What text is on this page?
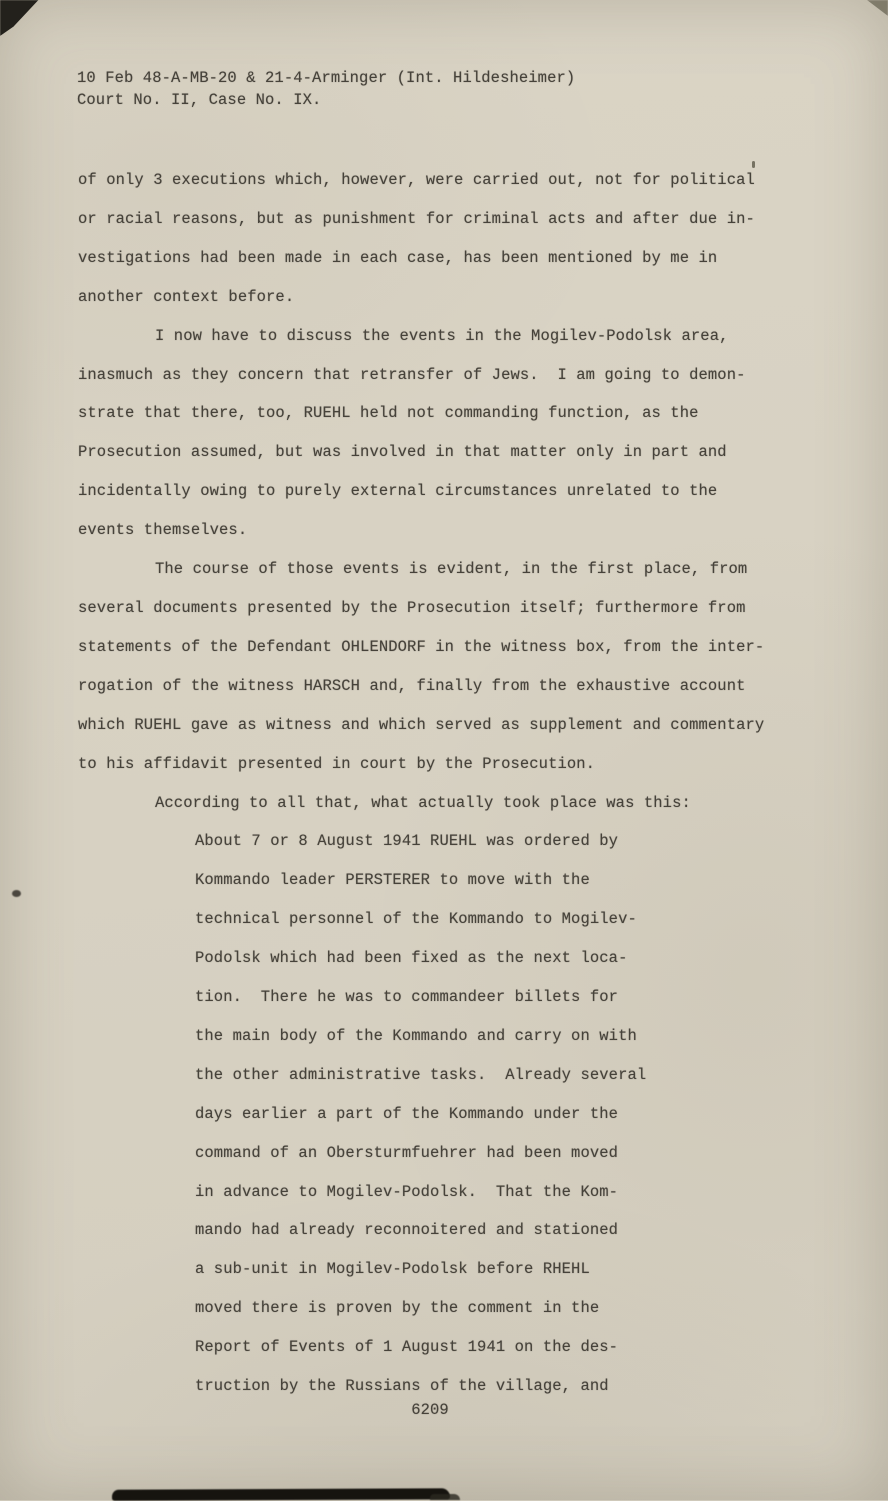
10 Feb 48-A-MB-20 & 21-4-Arminger (Int. Hildesheimer)
Court No. II, Case No. IX.
of only 3 executions which, however, were carried out, not for political
or racial reasons, but as punishment for criminal acts and after due in-
vestigations had been made in each case, has been mentioned by me in
another context before.
I now have to discuss the events in the Mogilev-Podolsk area,
inasmuch as they concern that retransfer of Jews.  I am going to demon-
strate that there, too, RUEHL held not commanding function, as the
Prosecution assumed, but was involved in that matter only in part and
incidentally owing to purely external circumstances unrelated to the
events themselves.
The course of those events is evident, in the first place, from
several documents presented by the Prosecution itself; furthermore from
statements of the Defendant OHLENDORF in the witness box, from the inter-
rogation of the witness HARSCH and, finally from the exhaustive account
which RUEHL gave as witness and which served as supplement and commentary
to his affidavit presented in court by the Prosecution.
According to all that, what actually took place was this:
About 7 or 8 August 1941 RUEHL was ordered by
Kommando leader PERSTERER to move with the
technical personnel of the Kommando to Mogilev-
Podolsk which had been fixed as the next loca-
tion.  There he was to commandeer billets for
the main body of the Kommando and carry on with
the other administrative tasks.  Already several
days earlier a part of the Kommando under the
command of an Obersturmfuehrer had been moved
in advance to Mogilev-Podolsk.  That the Kom-
mando had already reconnoitered and stationed
a sub-unit in Mogilev-Podolsk before RHEHL
moved there is proven by the comment in the
Report of Events of 1 August 1941 on the des-
truction by the Russians of the village, and
6209
